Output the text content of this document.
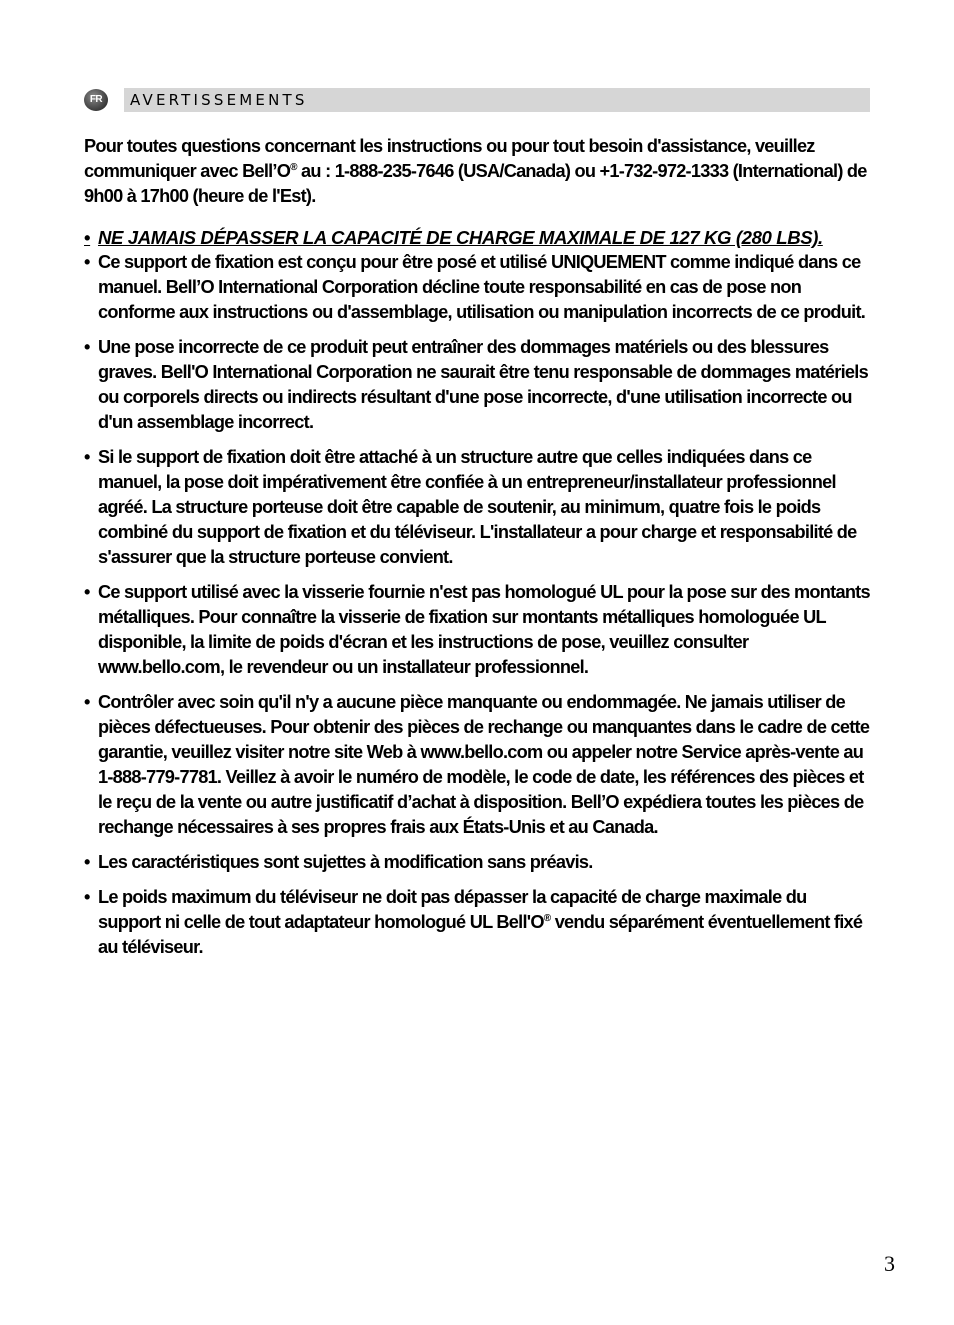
FR	AVERTISSEMENTS

Pour toutes questions concernant les instructions ou pour tout besoin d'assistance, veuillez communiquer avec Bell’O® au : 1-888-235-7646 (USA/Canada) ou +1-732-972-1333 (International) de 9h00 à 17h00 (heure de l'Est).

• NE JAMAIS DÉPASSER LA CAPACITÉ DE CHARGE MAXIMALE DE 127 KG (280 LBS).

• Ce support de fixation est conçu pour être posé et utilisé UNIQUEMENT comme indiqué dans ce manuel. Bell’O International Corporation décline toute responsabilité en cas de pose non conforme aux instructions ou d'assemblage, utilisation ou manipulation incorrects de ce produit.
• Une pose incorrecte de ce produit peut entraîner des dommages matériels ou des blessures graves. Bell'O International Corporation ne saurait être tenu responsable de dommages matériels ou corporels directs ou indirects résultant d'une pose incorrecte, d'une utilisation incorrecte ou d'un assemblage incorrect.
• Si le support de fixation doit être attaché à un structure autre que celles indiquées dans ce manuel, la pose doit impérativement être confiée à un entrepreneur/installateur professionnel agréé. La structure porteuse doit être capable de soutenir, au minimum, quatre fois le poids combiné du support de fixation et du téléviseur. L'installateur a pour charge et responsabilité de s'assurer que la structure porteuse convient.
• Ce support utilisé avec la visserie fournie n'est pas homologué UL pour la pose sur des montants métalliques. Pour connaître la visserie de fixation sur montants métalliques homologuée UL disponible, la limite de poids d'écran et les instructions de pose, veuillez consulter www.bello.com, le revendeur ou un installateur professionnel.
• Contrôler avec soin qu'il n'y a aucune pièce manquante ou endommagée. Ne jamais utiliser de pièces défectueuses. Pour obtenir des pièces de rechange ou manquantes dans le cadre de cette garantie, veuillez visiter notre site Web à www.bello.com ou appeler notre Service après-vente au 1-888-779-7781. Veillez à avoir le numéro de modèle, le code de date, les références des pièces et le reçu de la vente ou autre justificatif d’achat à disposition. Bell’O expédiera toutes les pièces de rechange nécessaires à ses propres frais aux États-Unis et au Canada.
• Les caractéristiques sont sujettes à modification sans préavis.
• Le poids maximum du téléviseur ne doit pas dépasser la capacité de charge maximale du support ni celle de tout adaptateur homologué UL Bell'O® vendu séparément éventuellement fixé au téléviseur.
3
